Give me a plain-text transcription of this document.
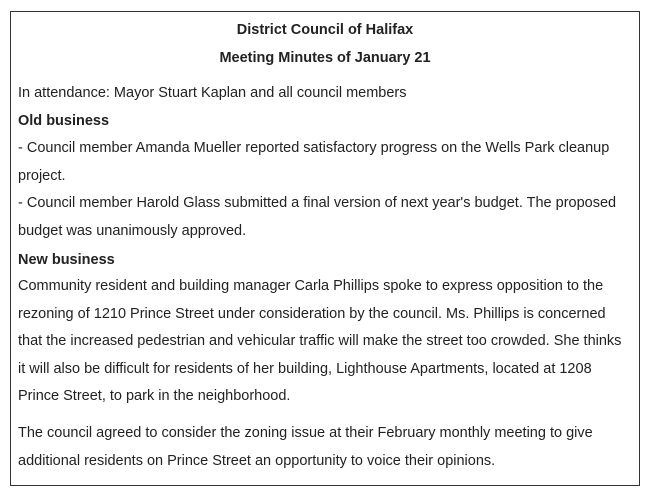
District Council of Halifax
Meeting Minutes of January 21
In attendance: Mayor Stuart Kaplan and all council members
Old business
- Council member Amanda Mueller reported satisfactory progress on the Wells Park cleanup project.
- Council member Harold Glass submitted a final version of next year's budget. The proposed budget was unanimously approved.
New business
Community resident and building manager Carla Phillips spoke to express opposition to the rezoning of 1210 Prince Street under consideration by the council. Ms. Phillips is concerned that the increased pedestrian and vehicular traffic will make the street too crowded. She thinks it will also be difficult for residents of her building, Lighthouse Apartments, located at 1208 Prince Street, to park in the neighborhood.
The council agreed to consider the zoning issue at their February monthly meeting to give additional residents on Prince Street an opportunity to voice their opinions.
